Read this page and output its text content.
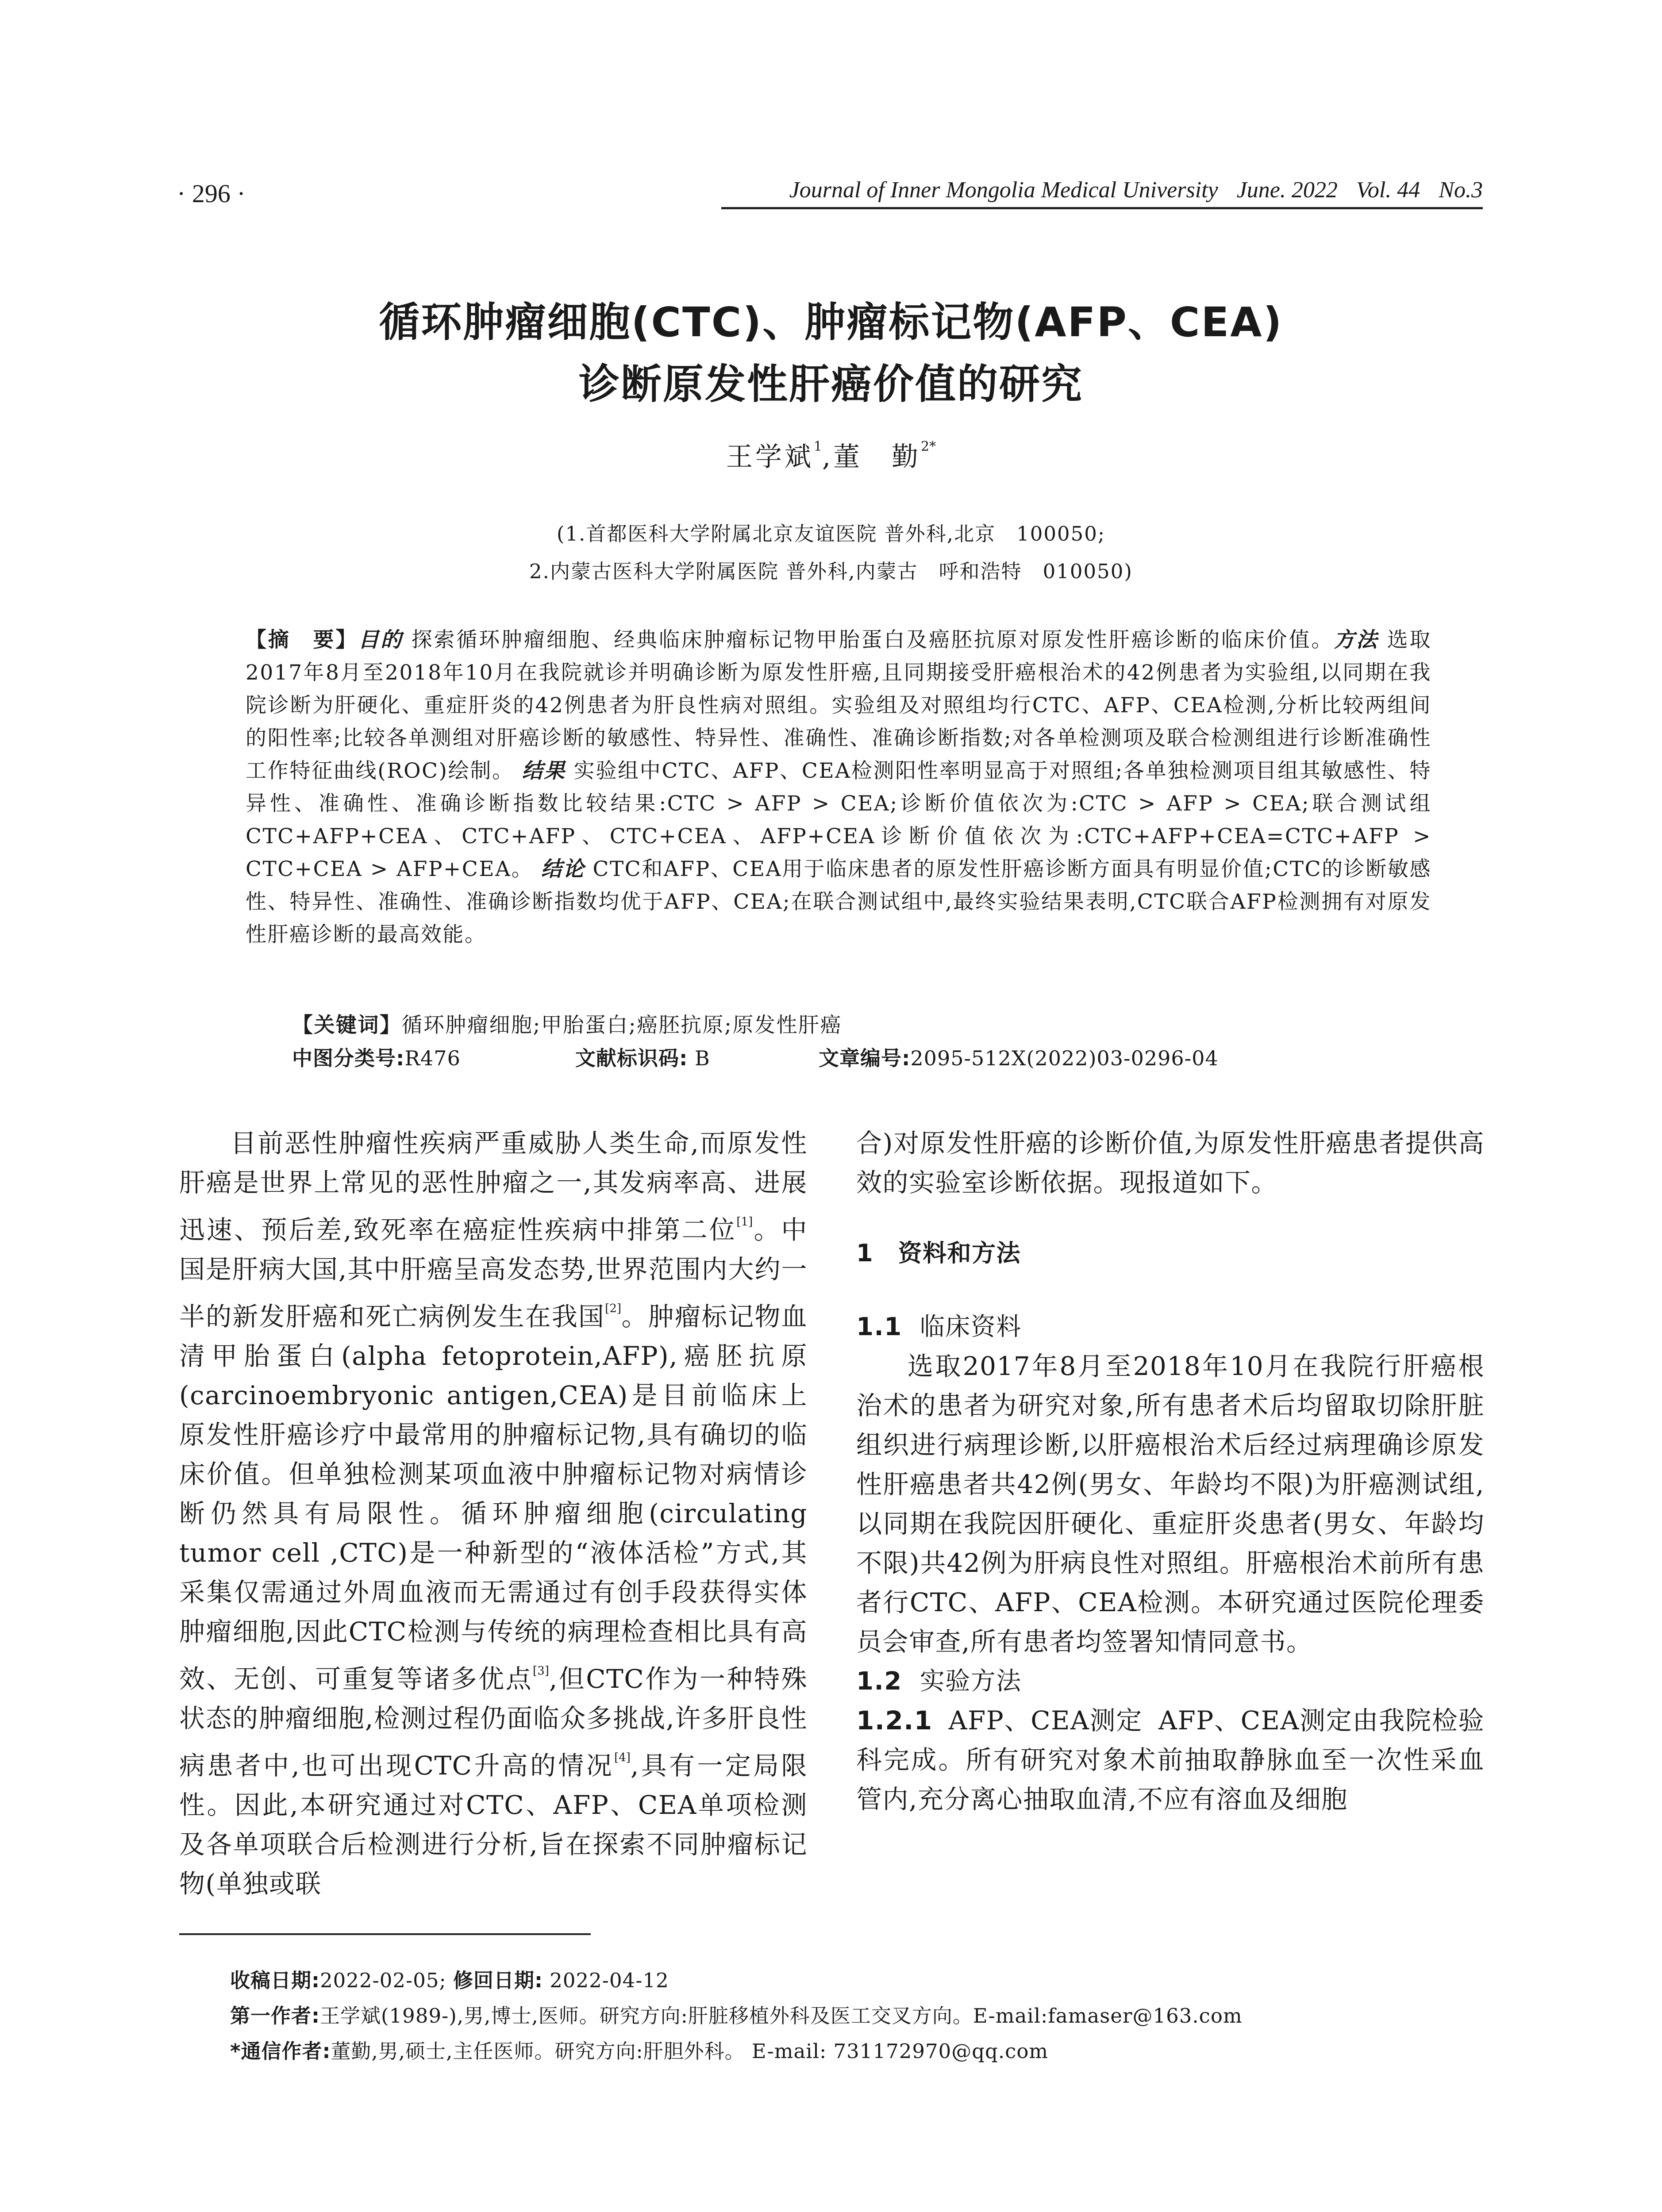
· 296 ·	Journal of Inner Mongolia Medical University June. 2022 Vol. 44 No.3
循环肿瘤细胞(CTC)、肿瘤标记物(AFP、CEA)
诊断原发性肝癌价值的研究
王学斌$^1$,董　勤$^{2*}$
(1.首都医科大学附属北京友谊医院 普外科,北京　100050;
2.内蒙古医科大学附属医院 普外科,内蒙古　呼和浩特　010050)
【摘　要】目的 探索循环肿瘤细胞、经典临床肿瘤标记物甲胎蛋白及癌胚抗原对原发性肝癌诊断的临床价值。方法 选取2017年8月至2018年10月在我院就诊并明确诊断为原发性肝癌,且同期接受肝癌根治术的42例患者为实验组,以同期在我院诊断为肝硬化、重症肝炎的42例患者为肝良性病对照组。实验组及对照组均行CTC、AFP、CEA检测,分析比较两组间的阳性率;比较各单测组对肝癌诊断的敏感性、特异性、准确性、准确诊断指数;对各单检测项及联合检测组进行诊断准确性工作特征曲线(ROC)绘制。 结果 实验组中CTC、AFP、CEA检测阳性率明显高于对照组;各单独检测项目组其敏感性、特异性、准确性、准确诊断指数比较结果:CTC > AFP > CEA;诊断价值依次为:CTC > AFP > CEA;联合测试组CTC+AFP+CEA、CTC+AFP、CTC+CEA、AFP+CEA诊断价值依次为:CTC+AFP+CEA=CTC+AFP > CTC+CEA > AFP+CEA。 结论 CTC和AFP、CEA用于临床患者的原发性肝癌诊断方面具有明显价值;CTC的诊断敏感性、特异性、准确性、准确诊断指数均优于AFP、CEA;在联合测试组中,最终实验结果表明,CTC联合AFP检测拥有对原发性肝癌诊断的最高效能。
【关键词】循环肿瘤细胞;甲胎蛋白;癌胚抗原;原发性肝癌
中图分类号:R476	文献标识码: B	文章编号:2095-512X(2022)03-0296-04

目前恶性肿瘤性疾病严重威胁人类生命,而原发性肝癌是世界上常见的恶性肿瘤之一,其发病率高、进展迅速、预后差,致死率在癌症性疾病中排第二位[1]。中国是肝病大国,其中肝癌呈高发态势,世界范围内大约一半的新发肝癌和死亡病例发生在我国[2]。肿瘤标记物血清甲胎蛋白(alpha fetoprotein,AFP),癌胚抗原(carcinoembryonic antigen,CEA)是目前临床上原发性肝癌诊疗中最常用的肿瘤标记物,具有确切的临床价值。但单独检测某项血液中肿瘤标记物对病情诊断仍然具有局限性。循环肿瘤细胞(circulating tumor cell ,CTC)是一种新型的“液体活检”方式,其采集仅需通过外周血液而无需通过有创手段获得实体肿瘤细胞,因此CTC检测与传统的病理检查相比具有高效、无创、可重复等诸多优点[3],但CTC作为一种特殊状态的肿瘤细胞,检测过程仍面临众多挑战,许多肝良性病患者中,也可出现CTC升高的情况[4],具有一定局限性。因此,本研究通过对CTC、AFP、CEA单项检测及各单项联合后检测进行分析,旨在探索不同肿瘤标记物(单独或联

合)对原发性肝癌的诊断价值,为原发性肝癌患者提供高效的实验室诊断依据。现报道如下。

1　资料和方法

1.1 临床资料

选取2017年8月至2018年10月在我院行肝癌根治术的患者为研究对象,所有患者术后均留取切除肝脏组织进行病理诊断,以肝癌根治术后经过病理确诊原发性肝癌患者共42例(男女、年龄均不限)为肝癌测试组,以同期在我院因肝硬化、重症肝炎患者(男女、年龄均不限)共42例为肝病良性对照组。肝癌根治术前所有患者行CTC、AFP、CEA检测。本研究通过医院伦理委员会审查,所有患者均签署知情同意书。

1.2 实验方法

1.2.1 AFP、CEA测定 AFP、CEA测定由我院检验科完成。所有研究对象术前抽取静脉血至一次性采血管内,充分离心抽取血清,不应有溶血及细胞

收稿日期:2022-02-05; 修回日期: 2022-04-12
第一作者:王学斌(1989-),男,博士,医师。研究方向:肝脏移植外科及医工交叉方向。E-mail:famaser@163.com
*通信作者:董勤,男,硕士,主任医师。研究方向:肝胆外科。 E-mail: 731172970@qq.com
